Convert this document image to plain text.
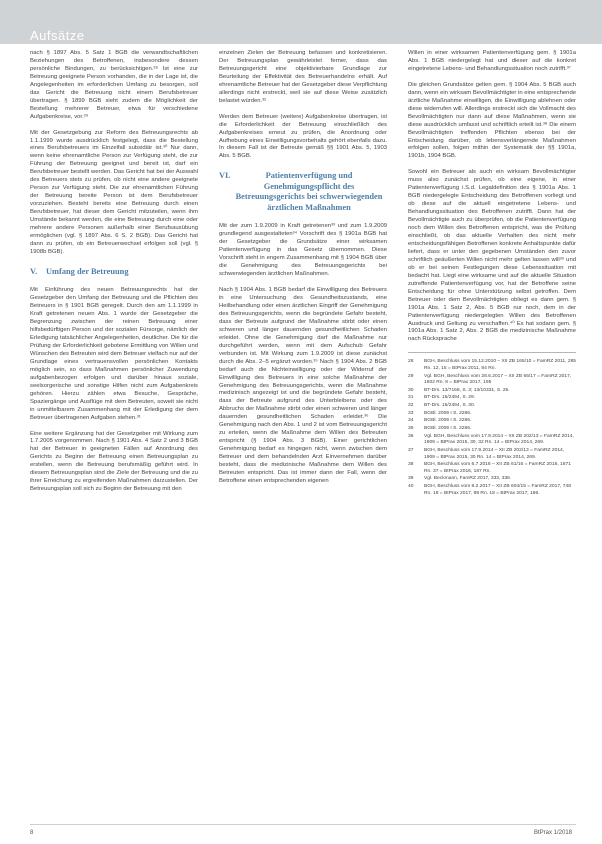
Aufsätze

nach § 1897 Abs. 5 Satz 1 BGB die verwandtschaftlichen Beziehungen des Betroffenen, insbesondere dessen persönliche Bindungen, zu berücksichtigen.²⁸ Ist eine zur Betreuung geeignete Person vorhanden, die in der Lage ist, die Angelegenheiten im erforderlichen Umfang zu besorgen, soll das Gericht die Betreuung nicht einem Berufsbetreuer übertragen. § 1899 BGB sieht zudem die Möglichkeit der Bestellung mehrerer Betreuer, etwa für verschiedene Aufgabenkreise, vor.²⁹

Mit der Gesetzgebung zur Reform des Betreuungsrechts ab 1.1.1999 wurde ausdrücklich festgelegt, dass die Bestellung eines Berufsbetreuers im Einzelfall subsidiär ist.³⁰ Nur dann, wenn keine ehrenamtliche Person zur Verfügung steht, die zur Führung der Betreuung geeignet und bereit ist, darf ein Berufsbetreuer bestellt werden. Das Gericht hat bei der Auswahl des Betreuers stets zu prüfen, ob nicht eine andere geeignete Person zur Verfügung steht. Die zur ehrenamtlichen Führung der Betreuung bereite Person ist dem Berufsbetreuer vorzuziehen. Besteht bereits eine Betreuung durch einen Berufsbetreuer, hat dieser dem Gericht mitzuteilen, wenn ihm Umstände bekannt werden, die eine Betreuung durch eine oder mehrere andere Personen außerhalb einer Berufsausübung ermöglichen (vgl. § 1897 Abs. 6 S. 2 BGB). Das Gericht hat dann zu prüfen, ob ein Betreuerwechsel erfolgen soll (vgl. § 1908b BGB).

V. Umfang der Betreuung

Mit Einführung des neuen Betreuungsrechts hat der Gesetzgeber den Umfang der Betreuung und die Pflichten des Betreuers in § 1901 BGB geregelt. Durch den am 1.1.1999 in Kraft getretenen neuen Abs. 1 wurde der Gesetzgeber die Begrenzung zwischen der reinen Betreuung einer hilfsbedürftigen Person und der sozialen Fürsorge, nämlich der Erledigung tatsächlicher Angelegenheiten, deutlicher. Die für die Prüfung der Erforderlichkeit gebotene Ermittlung von Willen und Wünschen des Betreuten wird dem Betreuer vielfach nur auf der Grundlage eines vertrauensvollen persönlichen Kontakts möglich sein, so dass Maßnahmen persönlicher Zuwendung aufgabenbezogen erfolgen und darüber hinaus soziale, seelsorgerische und sonstige Hilfen nicht zum Aufgabenkreis gehören. Hierzu zählen etwa Besuche, Gespräche, Spaziergänge und Ausflüge mit dem Betreuten, soweit sie nicht in unmittelbarem Zusammenhang mit der Erledigung der dem Betreuer übertragenen Aufgaben stehen.³¹

Eine weitere Ergänzung hat der Gesetzgeber mit Wirkung zum 1.7.2005 vorgenommen. Nach § 1901 Abs. 4 Satz 2 und 3 BGB hat der Betreuer in geeigneten Fällen auf Anordnung des Gerichts zu Beginn der Betreuung einen Betreuungsplan zu erstellen, wenn die Betreuung berufsmäßig geführt wird. In diesem Betreuungsplan sind die Ziele der Betreuung und die zu ihrer Erreichung zu ergreifenden Maßnahmen darzustellen. Der Betreuungsplan soll sich zu Beginn der Betreuung mit den

einzelnen Zielen der Betreuung befassen und konkretisieren. Der Betreuungsplan gewährleistet ferner, dass das Betreuungsgericht eine objektivierbare Grundlage zur Beurteilung der Effektivität des Betreuerhandelns erhält. Auf ehrenamtliche Betreuer hat der Gesetzgeber diese Verpflichtung allerdings nicht erstreckt, weil sie auf diese Weise zusätzlich belastet würden.³²

Werden dem Betreuer (weitere) Aufgabenkreise übertragen, ist die Erforderlichkeit der Betreuung einschließlich des Aufgabenkreises erneut zu prüfen, die Anordnung oder Aufhebung eines Einwilligungsvorbehalts gehört ebenfalls dazu. In diesem Fall ist der Betreute gemäß §§ 1901 Abs. 5, 1903 Abs. 5 BGB.

VI.	Patientenverfügung und Genehmigungspflicht des Betreuungsgerichts bei schwerwiegenden ärztlichen Maßnahmen

Mit der zum 1.9.2009 in Kraft getretenen³³ und zum 1.9.2009 grundlegend ausgestalteten³⁴ Vorschrift des § 1901a BGB hat der Gesetzgeber die Grundsätze einer wirksamen Patientenverfügung in das Gesetz übernommen. Diese Vorschrift steht in engem Zusammenhang mit § 1904 BGB über die Genehmigung des Betreuungsgerichts bei schwerwiegenden ärztlichen Maßnahmen.

Nach § 1904 Abs. 1 BGB bedarf die Einwilligung des Betreuers in eine Untersuchung des Gesundheitszustands, eine Heilbehandlung oder einen ärztlichen Eingriff der Genehmigung des Betreuungsgerichts, wenn die begründete Gefahr besteht, dass der Betreute aufgrund der Maßnahme stirbt oder einen schweren und länger dauernden gesundheitlichen Schaden erleidet. Ohne die Genehmigung darf die Maßnahme nur durchgeführt werden, wenn mit dem Aufschub Gefahr verbunden ist. Mit Wirkung zum 1.9.2009 ist diese zunächst durch die Abs. 2–5 ergänzt worden.³⁵ Nach § 1904 Abs. 2 BGB bedarf auch die Nichteinwilligung oder der Widerruf der Einwilligung des Betreuers in eine solche Maßnahme der Genehmigung des Betreuungsgerichts, wenn die Maßnahme medizinisch angezeigt ist und die begründete Gefahr besteht, dass der Betreute aufgrund des Unterbleibens oder des Abbruchs der Maßnahme stirbt oder einen schweren und länger dauernden gesundheitlichen Schaden erleidet.³⁶ Die Genehmigung nach den Abs. 1 und 2 ist vom Betreuungsgericht zu erteilen, wenn die Maßnahme dem Willen des Betreuten entspricht (§ 1904 Abs. 3 BGB). Einer gerichtlichen Genehmigung bedarf es hingegen nicht, wenn zwischen dem Betreuer und dem behandelnden Arzt Einvernehmen darüber besteht, dass die medizinische Maßnahme dem Willen des Betreuten entspricht. Das ist immer dann der Fall, wenn der Betroffene einen entsprechenden eigenen

Willen in einer wirksamen Patientenverfügung gem. § 1901a Abs. 1 BGB niedergelegt hat und dieser auf die konkret eingetretene Lebens- und Behandlungssituation noch zutrifft.³⁷

Die gleichen Grundsätze gelten gem. § 1904 Abs. 5 BGB auch dann, wenn ein wirksam Bevollmächtigter in eine entsprechende ärztliche Maßnahme einwilligen, die Einwilligung ablehnen oder diese widerrufen will. Allerdings erstreckt sich die Vollmacht des Bevollmächtigten nur dann auf diese Maßnahmen, wenn sie diese ausdrücklich umfasst und schriftlich erteilt ist.³⁸ Die einem Bevollmächtigten treffenden Pflichten ebenso bei der Entscheidung darüber, ob lebensverlängernde Maßnahmen erfolgen sollen, folgen mithin der Systematik der §§ 1901a, 1901b, 1904 BGB.

Sowohl ein Betreuer als auch ein wirksam Bevollmächtigter muss also zunächst prüfen, ob eine eigene, in einer Patientenverfügung i.S.d. Legaldefinition des § 1901a Abs. 1 BGB niedergelegte Entscheidung des Betroffenen vorliegt und ob diese auf die aktuell eingetretene Lebens- und Behandlungssituation des Betroffenen zutrifft. Dann hat der Bevollmächtigte auch zu überprüfen, ob die Patientenverfügung noch dem Willen des Betroffenen entspricht, was die Prüfung einschließt, ob das aktuelle Verhalten des nicht mehr entscheidungsfähigen Betroffenen konkrete Anhaltspunkte dafür liefert, dass er unter den gegebenen Umständen den zuvor schriftlich geäußerten Willen nicht mehr gelten lassen will³⁹ und ob er bei seinen Festlegungen diese Lebenssituation mit bedacht hat. Liegt eine wirksame und auf die aktuelle Situation zutreffende Patientenverfügung vor, hat der Betroffene seine Entscheidung für ohne Unterstützung selbst getroffen. Dem Betreuer oder dem Bevollmächtigten obliegt es dann gem. § 1901a Abs. 1 Satz 2, Abs. 5 BGB nur noch, dem in der Patientenverfügung niedergelegten Willen des Betroffenen Ausdruck und Geltung zu verschaffen.⁴⁰ Es hat sodann gem. § 1901a Abs. 1 Satz 2, Abs. 2 BGB die medizinische Maßnahme nach Rücksprache

28	BGH, Beschluss vom 15.12.2010 – XII ZB 165/10 = FamRZ 2011, 285 Rn. 12, 15 = BtPrax 2011, 84 Rn.
29	Vgl. BGH, Beschluss vom 28.6.2017 – XII ZB 65/17 = FamRZ 2017, 1502 Rn. 8 = BtPrax 2017, 195
30	BT-Drs. 13/7158, S. 3; 13/10331, S. 25.
31	BT-Drs. 15/2494, S. 29.
32	BT-Drs. 15/2494, S. 30.
33	BGBl. 2009 I S. 2286.
34	BGBl. 2009 I S. 2286.
35	BGBl. 2009 I S. 2286.
36	Vgl. BGH, Beschluss vom 17.9.2014 – XII ZB 202/13 = FamRZ 2014, 1909 = BtPrax 2015, 30, 32 Rn. 14 = BtPrax 2014, 269.
37	BGH, Beschluss vom 17.9.2014 – XII ZB 202/13 = FamRZ 2014, 1909 = BtPrax 2015, 30 Rn. 14 = BtPrax 2014, 269.
38	BGH, Beschluss vom 6.7.2016 – XII ZB 61/16 = FamRZ 2016, 1671 Rn. 37 = BtPrax 2016, 187 Rn.
39	Vgl. Beckmann, FamRZ 2017, 333, 336.
40	BGH, Beschluss vom 8.2.2017 – XII ZB 604/15 = FamRZ 2017, 748 Rn. 18 = BtPrax 2017, 98 Rn. 18 = BtPrax 2017, 186.
8	BtPrax 1/2018
